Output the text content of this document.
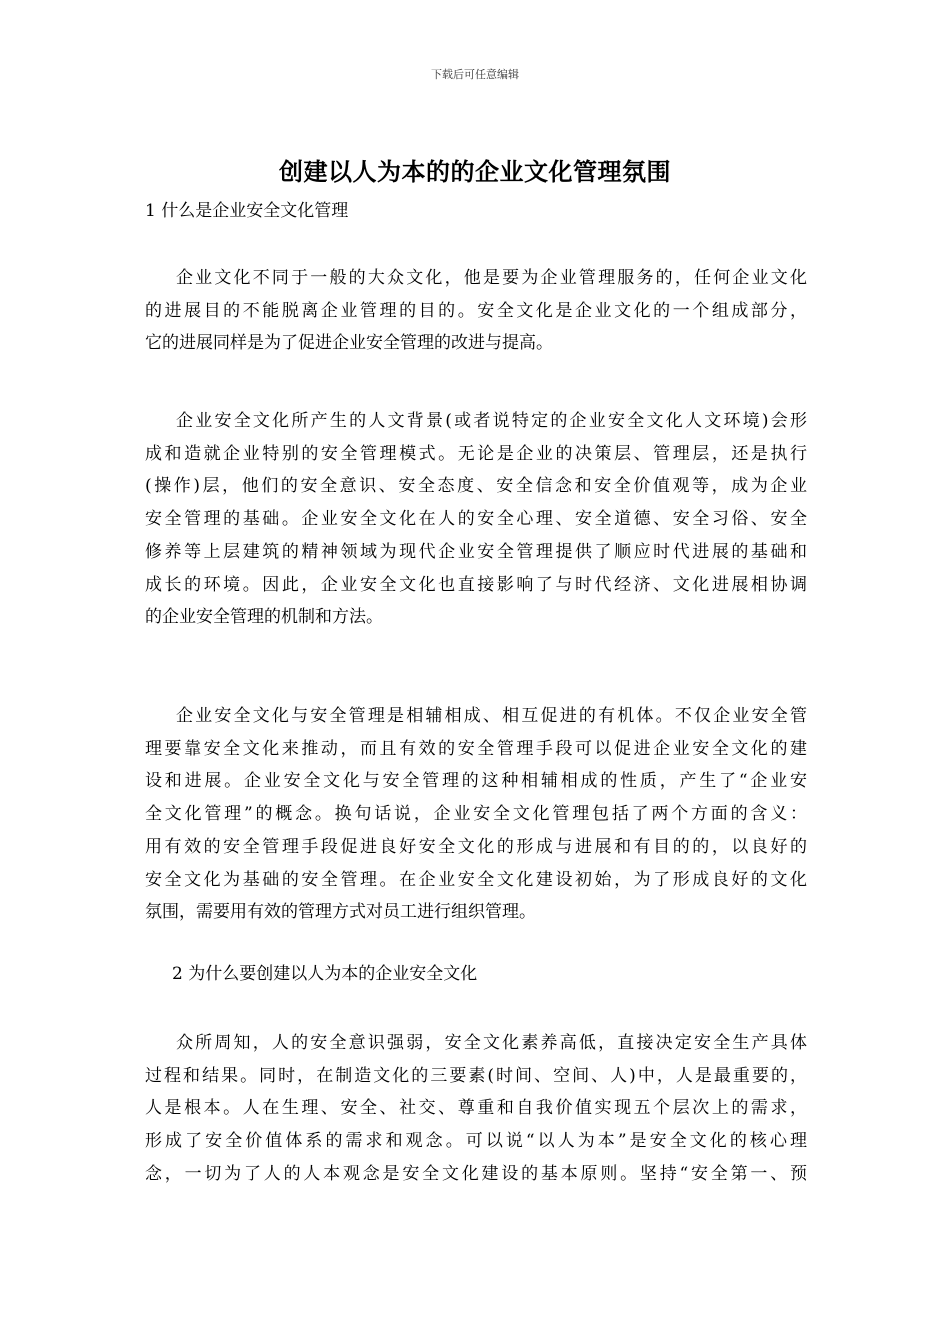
下载后可任意编辑
创建以人为本的的企业文化管理氛围
1 什么是企业安全文化管理
企业文化不同于一般的大众文化，他是要为企业管理服务的，任何企业文化
的进展目的不能脱离企业管理的目的。安全文化是企业文化的一个组成部分，
它的进展同样是为了促进企业安全管理的改进与提高。
企业安全文化所产生的人文背景(或者说特定的企业安全文化人文环境)会形
成和造就企业特别的安全管理模式。无论是企业的决策层、管理层，还是执行
(操作)层，他们的安全意识、安全态度、安全信念和安全价值观等，成为企业
安全管理的基础。企业安全文化在人的安全心理、安全道德、安全习俗、安全
修养等上层建筑的精神领域为现代企业安全管理提供了顺应时代进展的基础和
成长的环境。因此，企业安全文化也直接影响了与时代经济、文化进展相协调
的企业安全管理的机制和方法。
企业安全文化与安全管理是相辅相成、相互促进的有机体。不仅企业安全管
理要靠安全文化来推动，而且有效的安全管理手段可以促进企业安全文化的建
设和进展。企业安全文化与安全管理的这种相辅相成的性质，产生了“企业安
全文化管理”的概念。换句话说，企业安全文化管理包括了两个方面的含义：
用有效的安全管理手段促进良好安全文化的形成与进展和有目的的，以良好的
安全文化为基础的安全管理。在企业安全文化建设初始，为了形成良好的文化
氛围，需要用有效的管理方式对员工进行组织管理。
2 为什么要创建以人为本的企业安全文化
众所周知，人的安全意识强弱，安全文化素养高低，直接决定安全生产具体
过程和结果。同时，在制造文化的三要素(时间、空间、人)中，人是最重要的，
人是根本。人在生理、安全、社交、尊重和自我价值实现五个层次上的需求，
形成了安全价值体系的需求和观念。可以说“以人为本”是安全文化的核心理
念，一切为了人的人本观念是安全文化建设的基本原则。坚持“安全第一、预
